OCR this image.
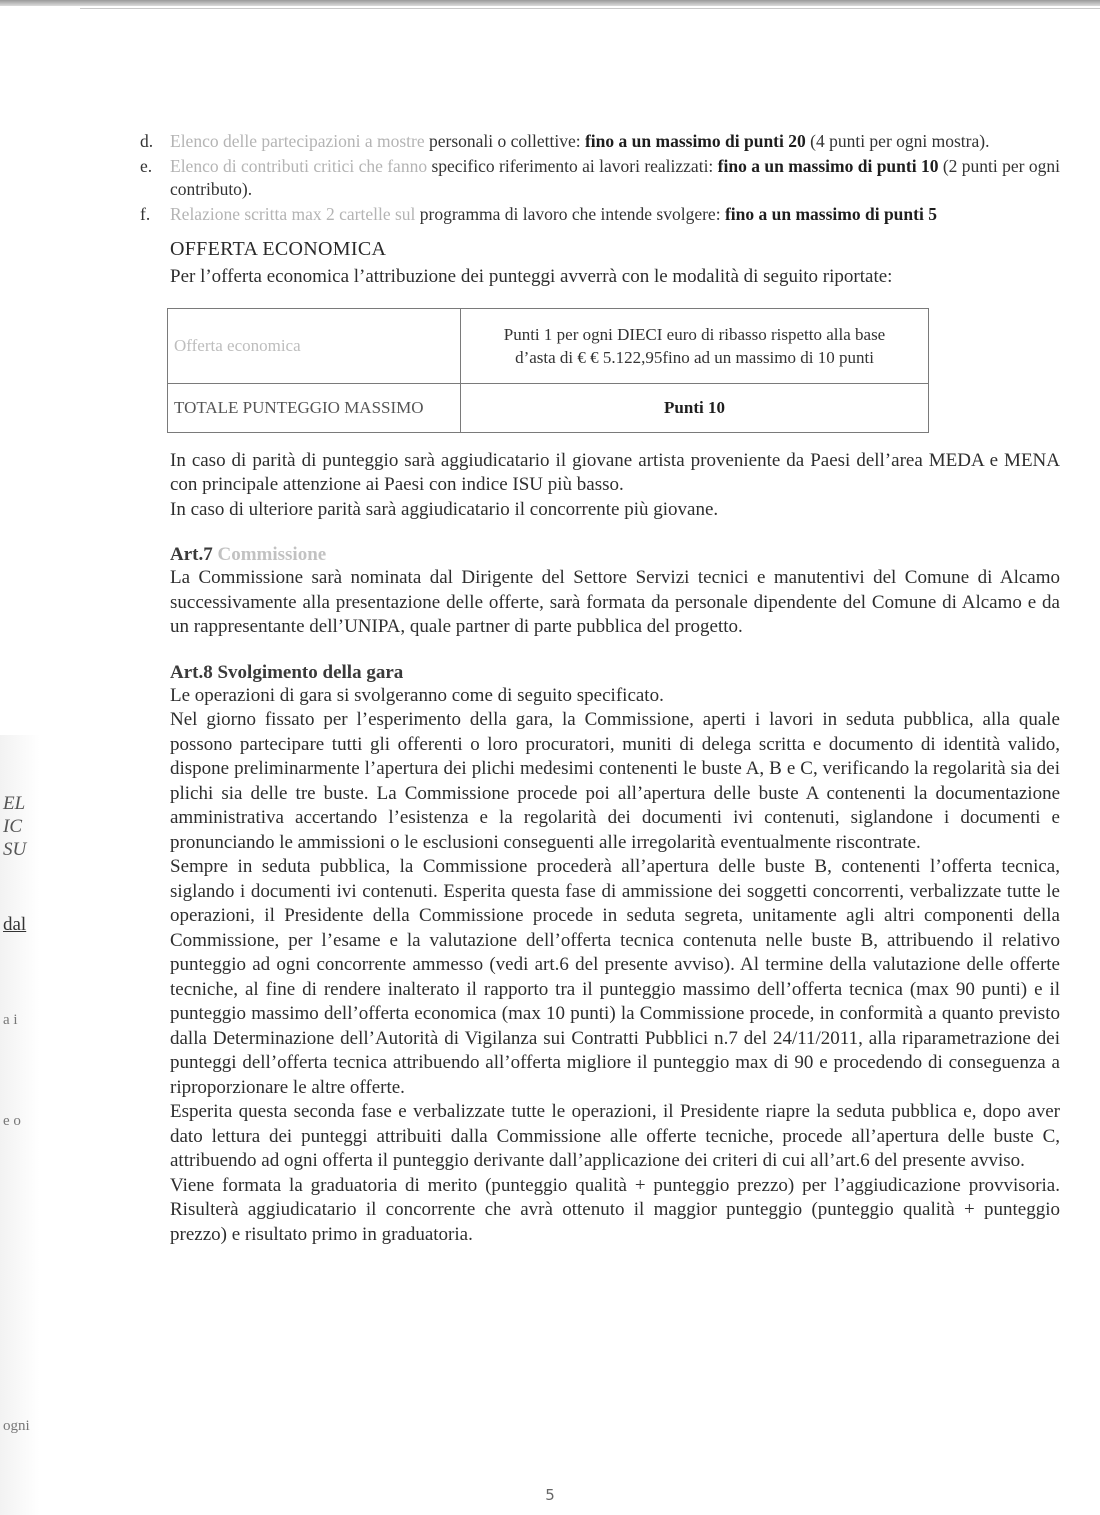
EL
IC
SU
dal
a i
e o
ogni
d. Elenco delle partecipazioni a mostre personali o collettive: fino a un massimo di punti 20 (4 punti per ogni mostra).
e. Elenco di contributi critici che fanno specifico riferimento ai lavori realizzati: fino a un massimo di punti 10 (2 punti per ogni contributo).
f. Relazione scritta max 2 cartelle sul programma di lavoro che intende svolgere: fino a un massimo di punti 5
OFFERTA ECONOMICA
Per l’offerta economica l’attribuzione dei punteggi avverrà con le modalità di seguito riportate:
Offerta economica	Punti 1 per ogni DIECI euro di ribasso rispetto alla base
d’asta di € € 5.122,95fino ad un massimo di 10 punti
TOTALE PUNTEGGIO MASSIMO	Punti 10
In caso di parità di punteggio sarà aggiudicatario il giovane artista proveniente da Paesi dell’area MEDA e MENA con principale attenzione ai Paesi con indice ISU più basso.
In caso di ulteriore parità sarà aggiudicatario il concorrente più giovane.
Art.7 Commissione
La Commissione sarà nominata dal Dirigente del Settore Servizi tecnici e manutentivi del Comune di Alcamo successivamente alla presentazione delle offerte, sarà formata da personale dipendente del Comune di Alcamo e da un rappresentante dell’UNIPA, quale partner di parte pubblica del progetto.
Art.8 Svolgimento della gara
Le operazioni di gara si svolgeranno come di seguito specificato.
Nel giorno fissato per l’esperimento della gara, la Commissione, aperti i lavori in seduta pubblica, alla quale possono partecipare tutti gli offerenti o loro procuratori, muniti di delega scritta e documento di identità valido, dispone preliminarmente l’apertura dei plichi medesimi contenenti le buste A, B e C, verificando la regolarità sia dei plichi sia delle tre buste. La Commissione procede poi all’apertura delle buste A contenenti la documentazione amministrativa accertando l’esistenza e la regolarità dei documenti ivi contenuti, siglandone i documenti e pronunciando le ammissioni o le esclusioni conseguenti alle irregolarità eventualmente riscontrate.
Sempre in seduta pubblica, la Commissione procederà all’apertura delle buste B, contenenti l’offerta tecnica, siglando i documenti ivi contenuti. Esperita questa fase di ammissione dei soggetti concorrenti, verbalizzate tutte le operazioni, il Presidente della Commissione procede in seduta segreta, unitamente agli altri componenti della Commissione, per l’esame e la valutazione dell’offerta tecnica contenuta nelle buste B, attribuendo il relativo punteggio ad ogni concorrente ammesso (vedi art.6 del presente avviso). Al termine della valutazione delle offerte tecniche, al fine di rendere inalterato il rapporto tra il punteggio massimo dell’offerta tecnica (max 90 punti) e il punteggio massimo dell’offerta economica (max 10 punti) la Commissione procede, in conformità a quanto previsto dalla Determinazione dell’Autorità di Vigilanza sui Contratti Pubblici n.7 del 24/11/2011, alla riparametrazione dei punteggi dell’offerta tecnica attribuendo all’offerta migliore il punteggio max di 90 e procedendo di conseguenza a riproporzionare le altre offerte.
Esperita questa seconda fase e verbalizzate tutte le operazioni, il Presidente riapre la seduta pubblica e, dopo aver dato lettura dei punteggi attribuiti dalla Commissione alle offerte tecniche, procede all’apertura delle buste C, attribuendo ad ogni offerta il punteggio derivante dall’applicazione dei criteri di cui all’art.6 del presente avviso.
Viene formata la graduatoria di merito (punteggio qualità + punteggio prezzo) per l’aggiudicazione provvisoria. Risulterà aggiudicatario il concorrente che avrà ottenuto il maggior punteggio (punteggio qualità + punteggio prezzo) e risultato primo in graduatoria.
5
